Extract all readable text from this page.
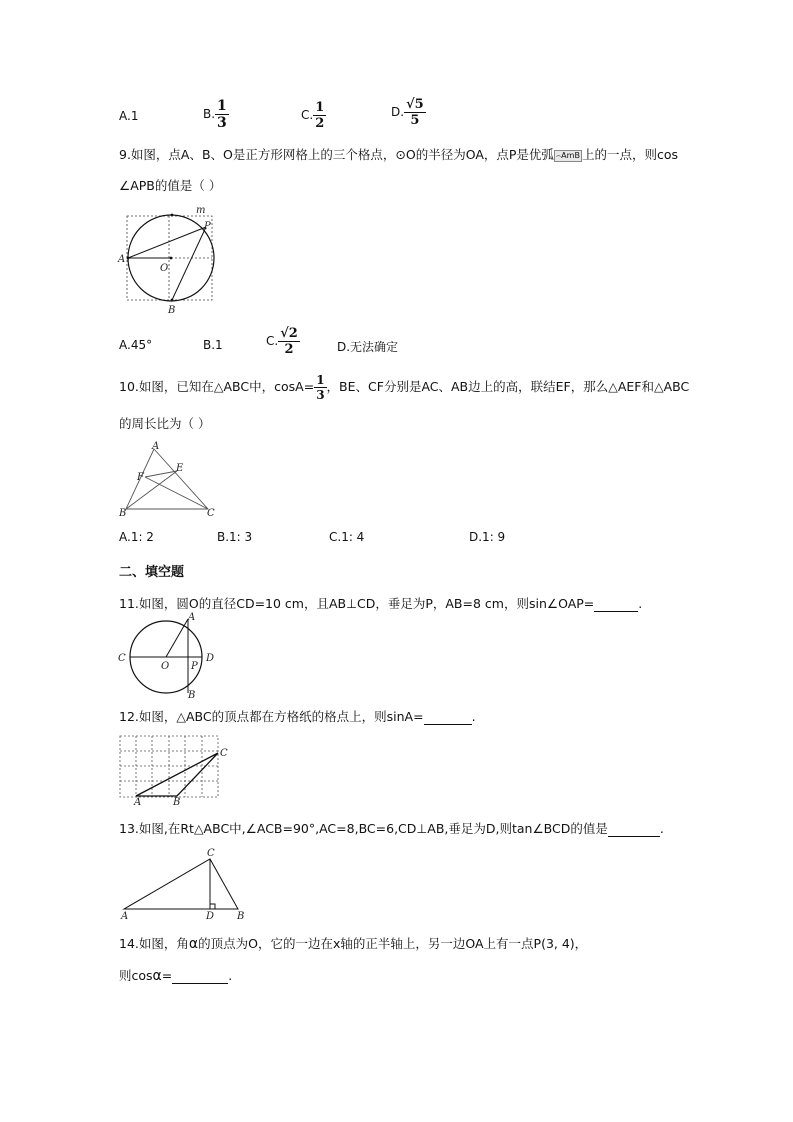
A.1	B. $\frac{1}{3}$	C. $\frac{1}{2}$	D. $\frac{√5}{5}$
9.如图，点A、B、O是正方形网格上的三个格点，⊙O的半径为OA，点P是优弧 ⌢AmB 上的一点，则cos
∠APB的值是（ ）
A
B
O
P
m
A.45°	B.1	C. $\frac{√2}{2}$	D.无法确定
10.如图，已知在△ABC中，$\cos A= \frac{1}{3}$ ，BE、CF分别是AC、AB边上的高，联结EF，那么△AEF和△ABC
的周长比为（ ）
A
B	C
E
F
A.1: 2	B.1: 3	C.1: 4	D.1: 9
二、填空题
11.如图，圆O的直径CD=10 cm，且AB⊥CD，垂足为P，AB=8 cm，则sin∠OAP=	.
C	D
A
B
O P
12.如图，△ABC的顶点都在方格纸的格点上，则sinA=	.
A	B
C
13.如图,在Rt△ABC中,∠ACB=90°,AC=8,BC=6,CD⊥AB,垂足为D,则tan∠BCD的值是	.
A	B
C
D
14.如图，角α的顶点为O，它的一边在x轴的正半轴上，另一边OA上有一点P(3, 4)，
则cosα=	.
